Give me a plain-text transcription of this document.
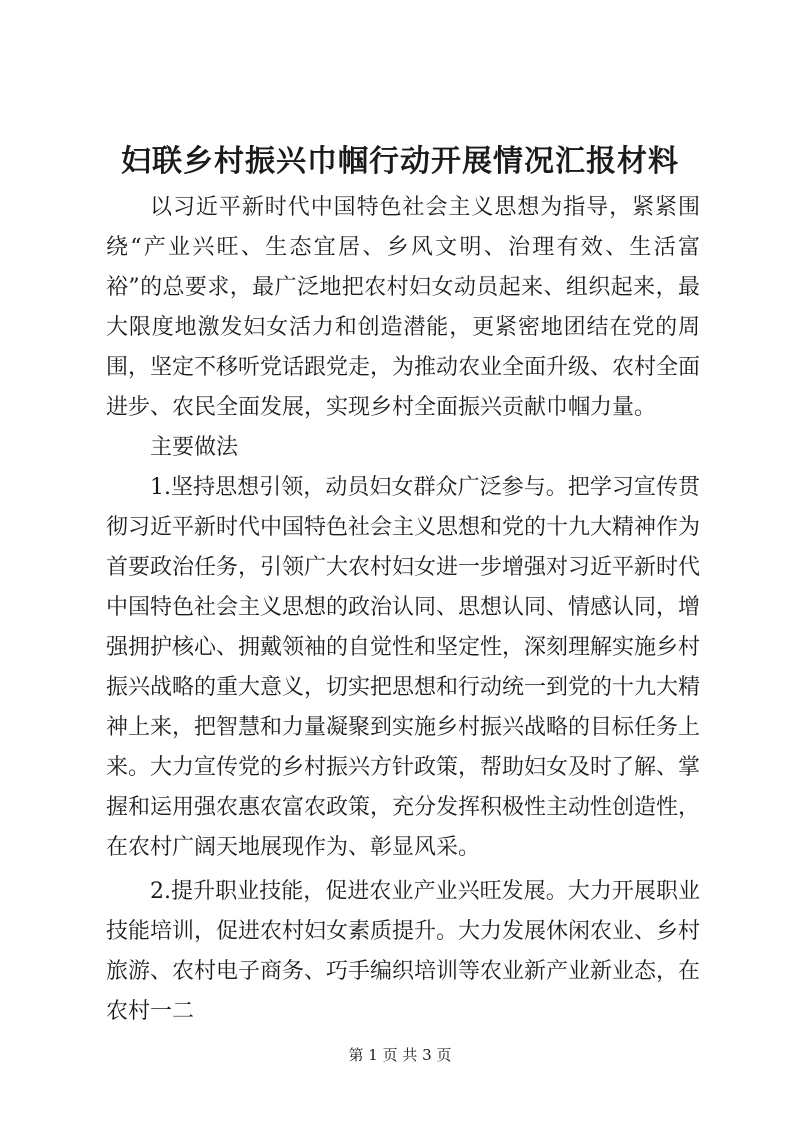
妇联乡村振兴巾帼行动开展情况汇报材料

以习近平新时代中国特色社会主义思想为指导，紧紧围绕“产业兴旺、生态宜居、乡风文明、治理有效、生活富裕”的总要求，最广泛地把农村妇女动员起来、组织起来，最大限度地激发妇女活力和创造潜能，更紧密地团结在党的周围，坚定不移听党话跟党走，为推动农业全面升级、农村全面进步、农民全面发展，实现乡村全面振兴贡献巾帼力量。

主要做法

1.坚持思想引领，动员妇女群众广泛参与。把学习宣传贯彻习近平新时代中国特色社会主义思想和党的十九大精神作为首要政治任务，引领广大农村妇女进一步增强对习近平新时代中国特色社会主义思想的政治认同、思想认同、情感认同，增强拥护核心、拥戴领袖的自觉性和坚定性，深刻理解实施乡村振兴战略的重大意义，切实把思想和行动统一到党的十九大精神上来，把智慧和力量凝聚到实施乡村振兴战略的目标任务上来。大力宣传党的乡村振兴方针政策，帮助妇女及时了解、掌握和运用强农惠农富农政策，充分发挥积极性主动性创造性，在农村广阔天地展现作为、彰显风采。

2.提升职业技能，促进农业产业兴旺发展。大力开展职业技能培训，促进农村妇女素质提升。大力发展休闲农业、乡村旅游、农村电子商务、巧手编织培训等农业新产业新业态，在农村一二

第 1 页 共 3 页
